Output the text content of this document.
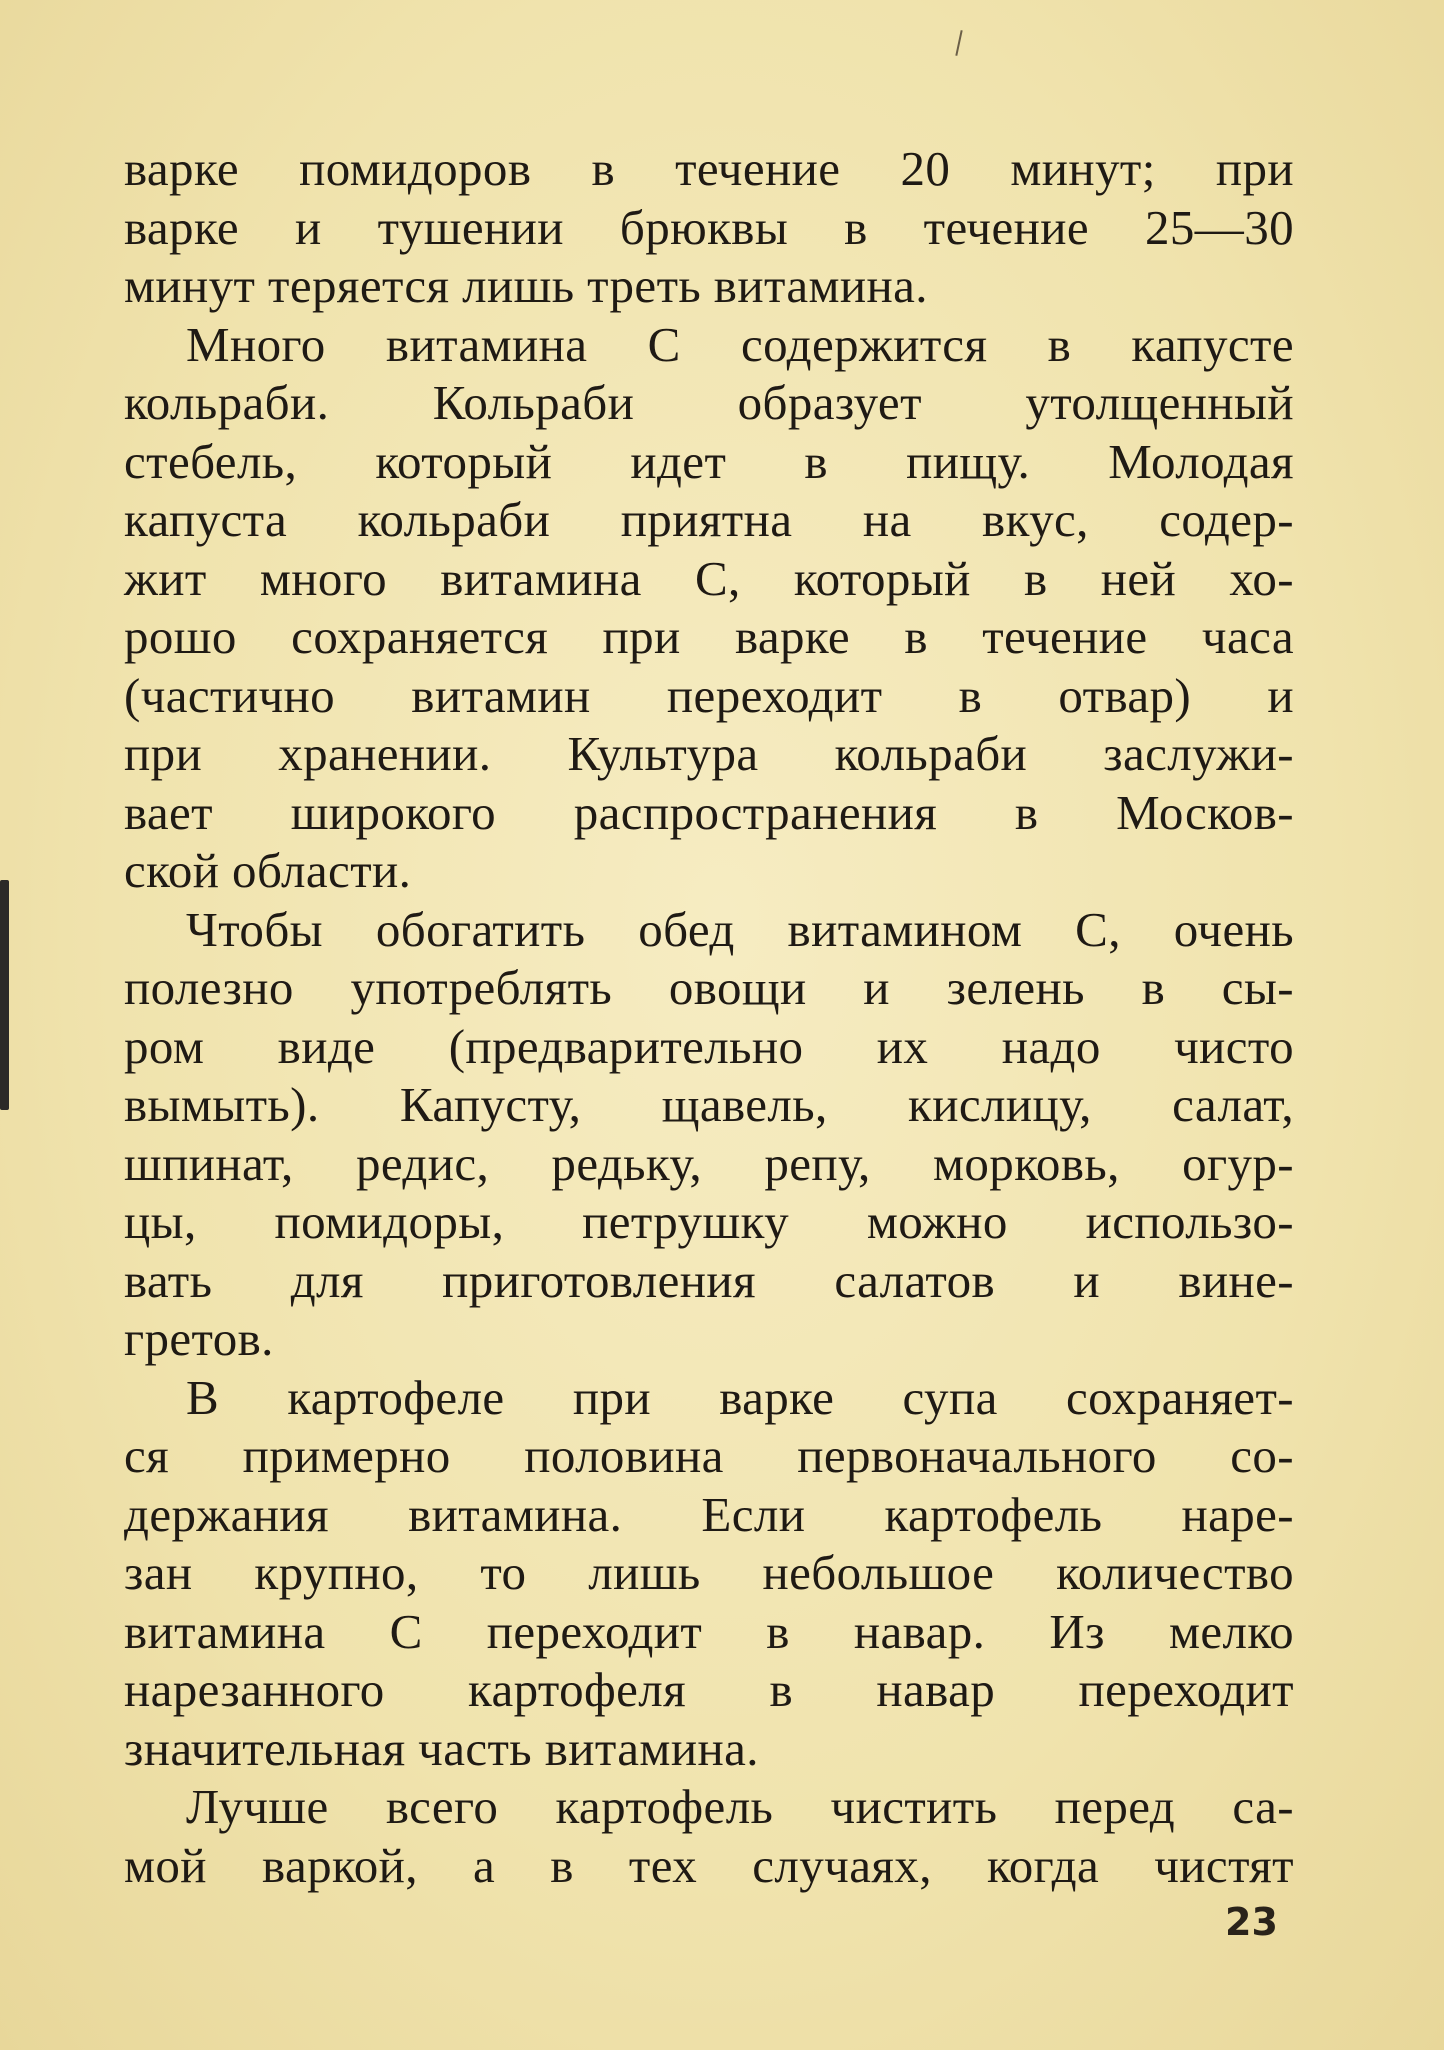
варке помидоров в течение 20 минут; при
варке и тушении брюквы в течение 25—30
минут теряется лишь треть витамина.

Много витамина С содержится в капусте
кольраби. Кольраби образует утолщенный
стебель, который идет в пищу. Молодая
капуста кольраби приятна на вкус, содер-
жит много витамина С, который в ней хо-
рошо сохраняется при варке в течение часа
(частично витамин переходит в отвар) и
при хранении. Культура кольраби заслужи-
вает широкого распространения в Москов-
ской области.

Чтобы обогатить обед витамином С, очень
полезно употреблять овощи и зелень в сы-
ром виде (предварительно их надо чисто
вымыть). Капусту, щавель, кислицу, салат,
шпинат, редис, редьку, репу, морковь, огур-
цы, помидоры, петрушку можно использо-
вать для приготовления салатов и вине-
гретов.

В картофеле при варке супа сохраняет-
ся примерно половина первоначального со-
держания витамина. Если картофель наре-
зан крупно, то лишь небольшое количество
витамина С переходит в навар. Из мелко
нарезанного картофеля в навар переходит
значительная часть витамина.

Лучше всего картофель чистить перед са-
мой варкой, а в тех случаях, когда чистят

23
